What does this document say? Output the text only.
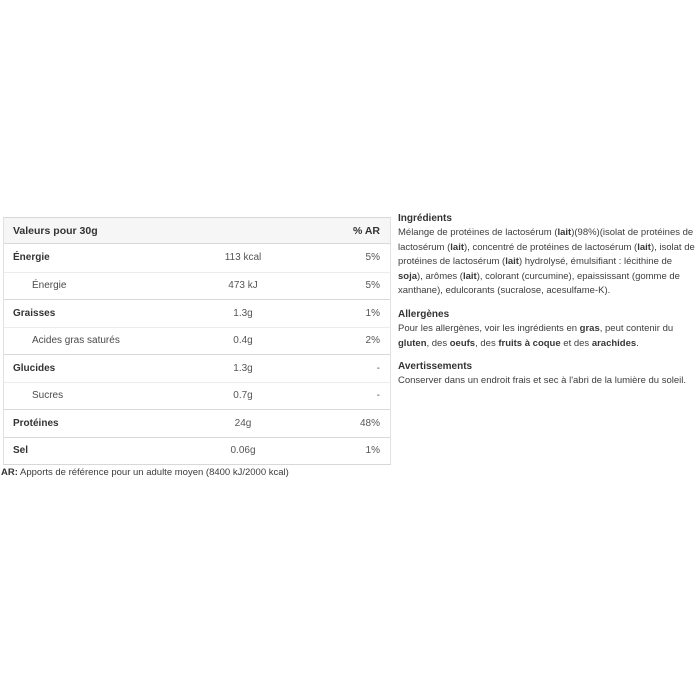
Valeurs pour 30g	% AR
Énergie	113 kcal	5%
Énergie	473 kJ	5%
Graisses	1.3g	1%
Acides gras saturés	0.4g	2%
Glucides	1.3g	-
Sucres	0.7g	-
Protéines	24g	48%
Sel	0.06g	1%
AR: Apports de référence pour un adulte moyen (8400 kJ/2000 kcal)
Ingrédients

Mélange de protéines de lactosérum (lait)(98%)(isolat de protéines de lactosérum (lait), concentré de protéines de lactosérum (lait), isolat de protéines de lactosérum (lait) hydrolysé, émulsifiant : lécithine de soja), arômes (lait), colorant (curcumine), epaississant (gomme de xanthane), edulcorants (sucralose, acesulfame-K).

Allergènes

Pour les allergènes, voir les ingrédients en gras, peut contenir du gluten, des oeufs, des fruits à coque et des arachides.

Avertissements

Conserver dans un endroit frais et sec à l'abri de la lumière du soleil.
